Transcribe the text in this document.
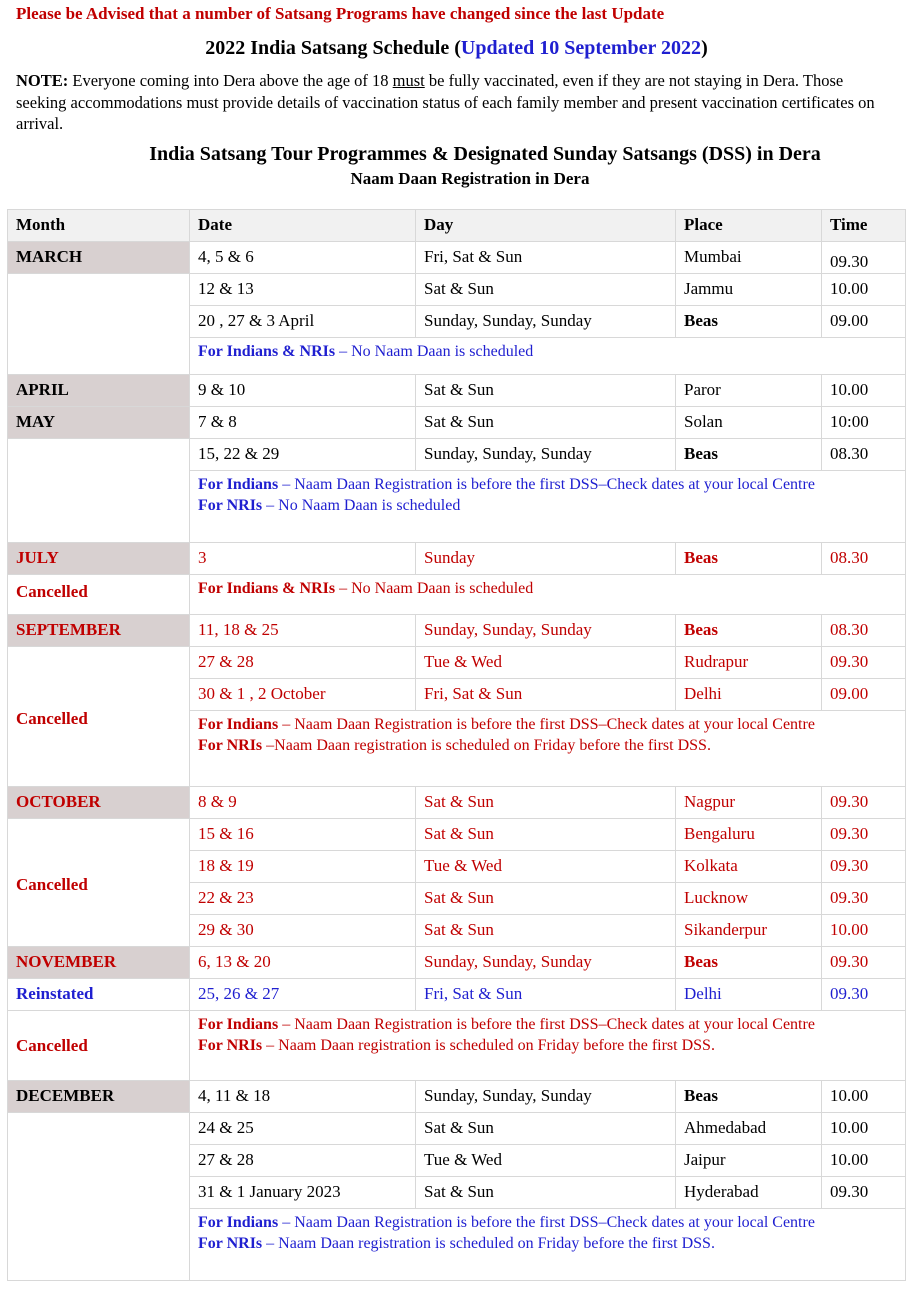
Please be Advised that a number of Satsang Programs have changed since the last Update
2022 India Satsang Schedule (Updated 10 September 2022)
NOTE: Everyone coming into Dera above the age of 18 must be fully vaccinated, even if they are not staying in Dera. Those seeking accommodations must provide details of vaccination status of each family member and present vaccination certificates on arrival.
India Satsang Tour Programmes & Designated Sunday Satsangs (DSS) in Dera
Naam Daan Registration in Dera
Month	Date	Day	Place	Time
MARCH	4, 5 & 6	Fri, Sat & Sun	Mumbai	09.30
	12 & 13	Sat & Sun	Jammu	10.00
	20 , 27 & 3 April	Sunday, Sunday, Sunday	Beas	09.00
	For Indians & NRIs – No Naam Daan is scheduled			
APRIL	9 & 10	Sat & Sun	Paror	10.00
MAY	7 & 8	Sat & Sun	Solan	10:00
	15, 22 & 29	Sunday, Sunday, Sunday	Beas	08.30
	For Indians – Naam Daan Registration is before the first DSS–Check dates at your local Centre
For NRIs – No Naam Daan is scheduled			
JULY	3	Sunday	Beas	08.30
Cancelled	For Indians & NRIs – No Naam Daan is scheduled			
SEPTEMBER	11, 18 & 25	Sunday, Sunday, Sunday	Beas	08.30
Cancelled	27 & 28	Tue & Wed	Rudrapur	09.30
	30 & 1 , 2 October	Fri, Sat & Sun	Delhi	09.00
	For Indians – Naam Daan Registration is before the first DSS–Check dates at your local Centre
For NRIs –Naam Daan registration is scheduled on Friday before the first DSS.			
OCTOBER	8 & 9	Sat & Sun	Nagpur	09.30
Cancelled	15 & 16	Sat & Sun	Bengaluru	09.30
	18 & 19	Tue & Wed	Kolkata	09.30
	22 & 23	Sat & Sun	Lucknow	09.30
	29 & 30	Sat & Sun	Sikanderpur	10.00
NOVEMBER	6, 13 & 20	Sunday, Sunday, Sunday	Beas	09.30
Reinstated	25, 26 & 27	Fri, Sat & Sun	Delhi	09.30
Cancelled	For Indians – Naam Daan Registration is before the first DSS–Check dates at your local Centre
For NRIs – Naam Daan registration is scheduled on Friday before the first DSS.			
DECEMBER	4, 11 & 18	Sunday, Sunday, Sunday	Beas	10.00
	24 & 25	Sat & Sun	Ahmedabad	10.00
	27 & 28	Tue & Wed	Jaipur	10.00
	31 & 1 January 2023	Sat & Sun	Hyderabad	09.30
	For Indians – Naam Daan Registration is before the first DSS–Check dates at your local Centre
For NRIs – Naam Daan registration is scheduled on Friday before the first DSS.			
